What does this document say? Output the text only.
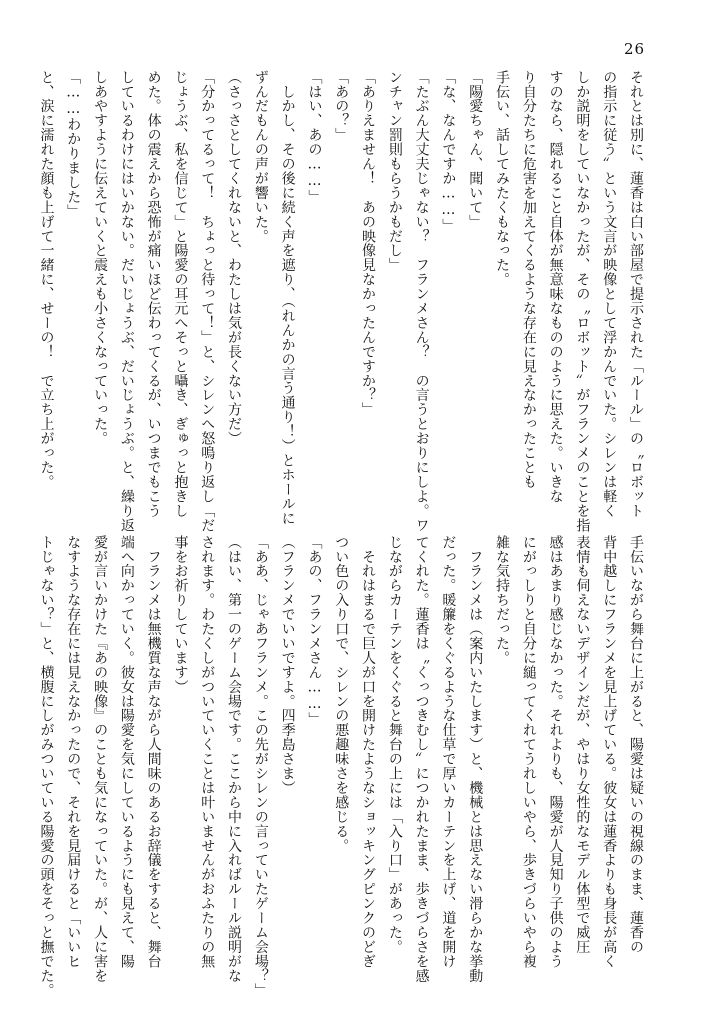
26
それとは別に、蓮香は白い部屋で提示された「ルール」の〝ロボット
の指示に従う〟という文言が映像として浮かんでいた。シレンは軽く
しか説明をしていなかったが、その〝ロボット〟がフランメのことを指
すのなら、隠れること自体が無意味なもののように思えた。いきな
り自分たちに危害を加えてくるような存在に見えなかったことも
手伝い、話してみたくもなった。
「陽愛ちゃん、聞いて」
「な、なんですか……」
「たぶん大丈夫じゃない？　フランメさん？　の言うとおりにしよ。ワ
ンチャン罰則もらうかもだし」
「ありえません！　あの映像見なかったんですか？」
「あの？」
「はい、あの……」
　しかし、その後に続く声を遮り、（れんかの言う通り！）とホールに
ずんだもんの声が響いた。
（さっさとしてくれないと、わたしは気が長くない方だ）
「分かってるって！　ちょっと待って！」と、シレンへ怒鳴り返し「だ
じょうぶ、私を信じて」と陽愛の耳元へそっと囁き、ぎゅっと抱きし
めた。体の震えから恐怖が痛いほど伝わってくるが、いつまでもこう
しているわけにはいかない。だいじょうぶ、だいじょうぶ。と、繰り返
しあやすように伝えていくと震えも小さくなっていった。
「……わかりました」
と、涙に濡れた顔も上げて一緒に、せーの！　で立ち上がった。
手伝いながら舞台に上がると、陽愛は疑いの視線のまま、蓮香の
背中越しにフランメを見上げている。彼女は蓮香よりも身長が高く
表情も伺えないデザインだが、やはり女性的なモデル体型で威圧
感はあまり感じなかった。それよりも、陽愛が人見知り子供のよう
にがっしりと自分に縋ってくれてうれしいやら、歩きづらいやら複
雑な気持ちだった。
　フランメは（案内いたします）と、機械とは思えない滑らかな挙動
だった。暖簾をくぐるような仕草で厚いカーテンを上げ、道を開け
てくれた。蓮香は〝くっつきむし〟につかれたまま、歩きづらさを感
じながらカーテンをくぐると舞台の上には「入り口」があった。
　それはまるで巨人が口を開けたようなショッキングピンクのどぎ
つい色の入り口で、シレンの悪趣味さを感じる。
「あの、フランメさん……」
（フランメでいいですよ。四季島さま）
「ああ、じゃあフランメ。この先がシレンの言っていたゲーム会場？」
（はい、第一のゲーム会場です。ここから中に入ればルール説明がな
されます。わたくしがついていくことは叶いませんがおふたりの無
事をお祈りしています）
　フランメは無機質な声ながら人間味のあるお辞儀をすると、舞台
端へ向かっていく。彼女は陽愛を気にしているようにも見えて、陽
愛が言いかけた『あの映像』のことも気になっていた。が、人に害を
なすような存在には見えなかったので、それを見届けると「いいヒ
トじゃない？」と、横腹にしがみついている陽愛の頭をそっと撫でた。
